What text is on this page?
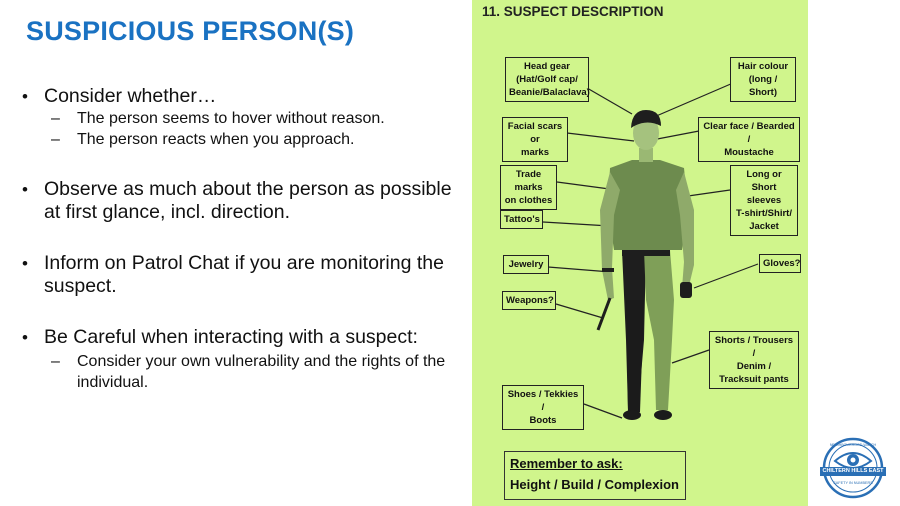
SUSPICIOUS PERSON(S)
• Consider whether…
– The person seems to hover without reason.
– The person reacts when you approach.
• Observe as much about the person as possible at first glance, incl. direction.
• Inform on Patrol Chat if you are monitoring the suspect.
• Be Careful when interacting with a suspect:
– Consider your own vulnerability and the rights of the individual.
11. SUSPECT DESCRIPTION
Head gear
(Hat/Golf cap/
Beanie/Balaclava)
Hair colour
(long / Short)
Facial scars or
marks
Clear face / Bearded /
Moustache
Trade marks
on clothes
Long or Short
sleeves
T-shirt/Shirt/
Jacket
Tattoo's
Jewelry	Gloves?
Weapons?
Shorts / Trousers /
Denim /
Tracksuit pants
Shoes / Tekkies /
Boots
Remember to ask:
Height / Build / Complexion
CHILTERN HILLS EAST
NEIGHBOURHOOD WATCH
SAFETY IN NUMBERS
